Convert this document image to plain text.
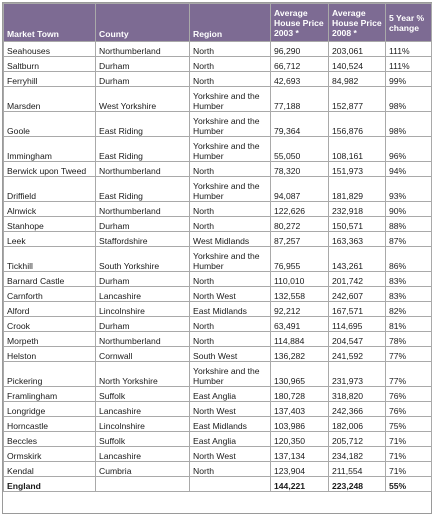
Market Town	County	Region	Average House Price 2003 *	Average House Price 2008 *	5 Year % change
Seahouses	Northumberland	North	96,290	203,061	111%
Saltburn	Durham	North	66,712	140,524	111%
Ferryhill	Durham	North	42,693	84,982	99%
Marsden	West Yorkshire	Yorkshire and the Humber	77,188	152,877	98%
Goole	East Riding	Yorkshire and the Humber	79,364	156,876	98%
Immingham	East Riding	Yorkshire and the Humber	55,050	108,161	96%
Berwick upon Tweed	Northumberland	North	78,320	151,973	94%
Driffield	East Riding	Yorkshire and the Humber	94,087	181,829	93%
Alnwick	Northumberland	North	122,626	232,918	90%
Stanhope	Durham	North	80,272	150,571	88%
Leek	Staffordshire	West Midlands	87,257	163,363	87%
Tickhill	South Yorkshire	Yorkshire and the Humber	76,955	143,261	86%
Barnard Castle	Durham	North	110,010	201,742	83%
Carnforth	Lancashire	North West	132,558	242,607	83%
Alford	Lincolnshire	East Midlands	92,212	167,571	82%
Crook	Durham	North	63,491	114,695	81%
Morpeth	Northumberland	North	114,884	204,547	78%
Helston	Cornwall	South West	136,282	241,592	77%
Pickering	North Yorkshire	Yorkshire and the Humber	130,965	231,973	77%
Framlingham	Suffolk	East Anglia	180,728	318,820	76%
Longridge	Lancashire	North West	137,403	242,366	76%
Horncastle	Lincolnshire	East Midlands	103,986	182,006	75%
Beccles	Suffolk	East Anglia	120,350	205,712	71%
Ormskirk	Lancashire	North West	137,134	234,182	71%
Kendal	Cumbria	North	123,904	211,554	71%
England			144,221	223,248	55%
